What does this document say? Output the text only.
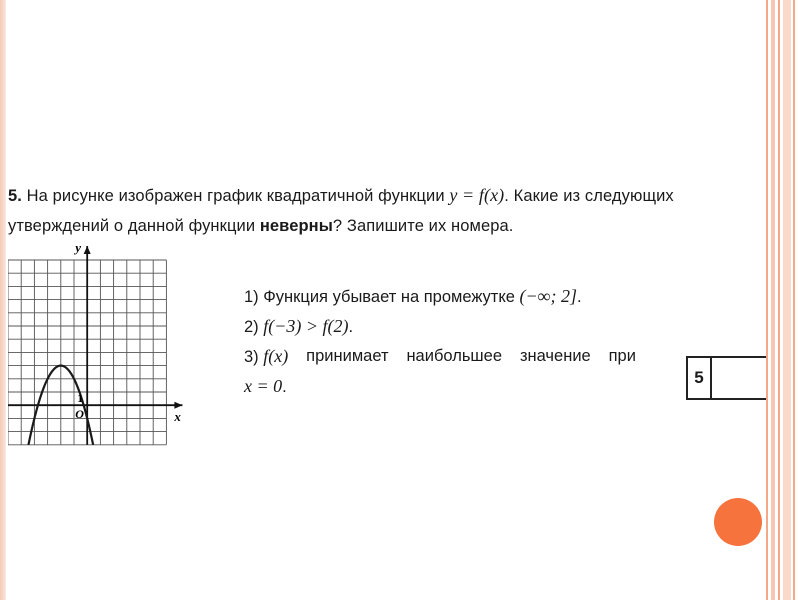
5. На рисунке изображен график квадратичной функции y = f(x). Какие из следующих утверждений о данной функции неверны? Запишите их номера.
y
x
O
1
1) Функция убывает на промежутке (−∞; 2].
2) f(−3) > f(2).
3) f(x) принимает наибольшее значение при
x = 0.	5
